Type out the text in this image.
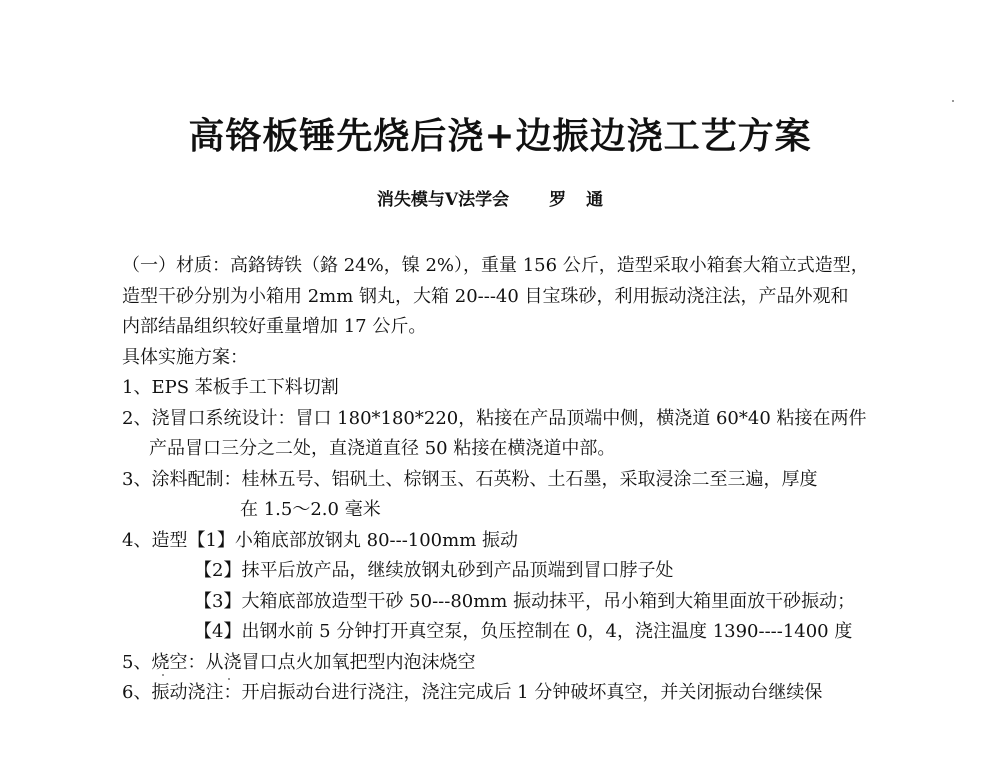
高铬板锤先烧后浇+边振边浇工艺方案
消失模与V法学会 罗通
（一）材质：高鉻铸铁（鉻 24%，镍 2%），重量 156 公斤，造型采取小箱套大箱立式造型，
造型干砂分别为小箱用 2mm 钢丸，大箱 20---40 目宝珠砂，利用振动浇注法，产品外观和
内部结晶组织较好重量增加 17 公斤。
具体实施方案：
1、EPS 苯板手工下料切割
2、浇冒口系统设计：冒口 180*180*220，粘接在产品顶端中侧，横浇道 60*40 粘接在两件
产品冒口三分之二处，直浇道直径 50 粘接在横浇道中部。
3、涂料配制：桂林五号、铝矾土、棕钢玉、石英粉、土石墨，采取浸涂二至三遍，厚度
在 1.5～2.0 毫米
4、造型【1】小箱底部放钢丸 80---100mm 振动
【2】抹平后放产品，继续放钢丸砂到产品顶端到冒口脖子处
【3】大箱底部放造型干砂 50---80mm 振动抹平，吊小箱到大箱里面放干砂振动；
【4】出钢水前 5 分钟打开真空泵，负压控制在 0，4，浇注温度 1390----1400 度
5、烧空：从浇冒口点火加氧把型内泡沫烧空
6、振动浇注：开启振动台进行浇注，浇注完成后 1 分钟破坏真空，并关闭振动台继续保
